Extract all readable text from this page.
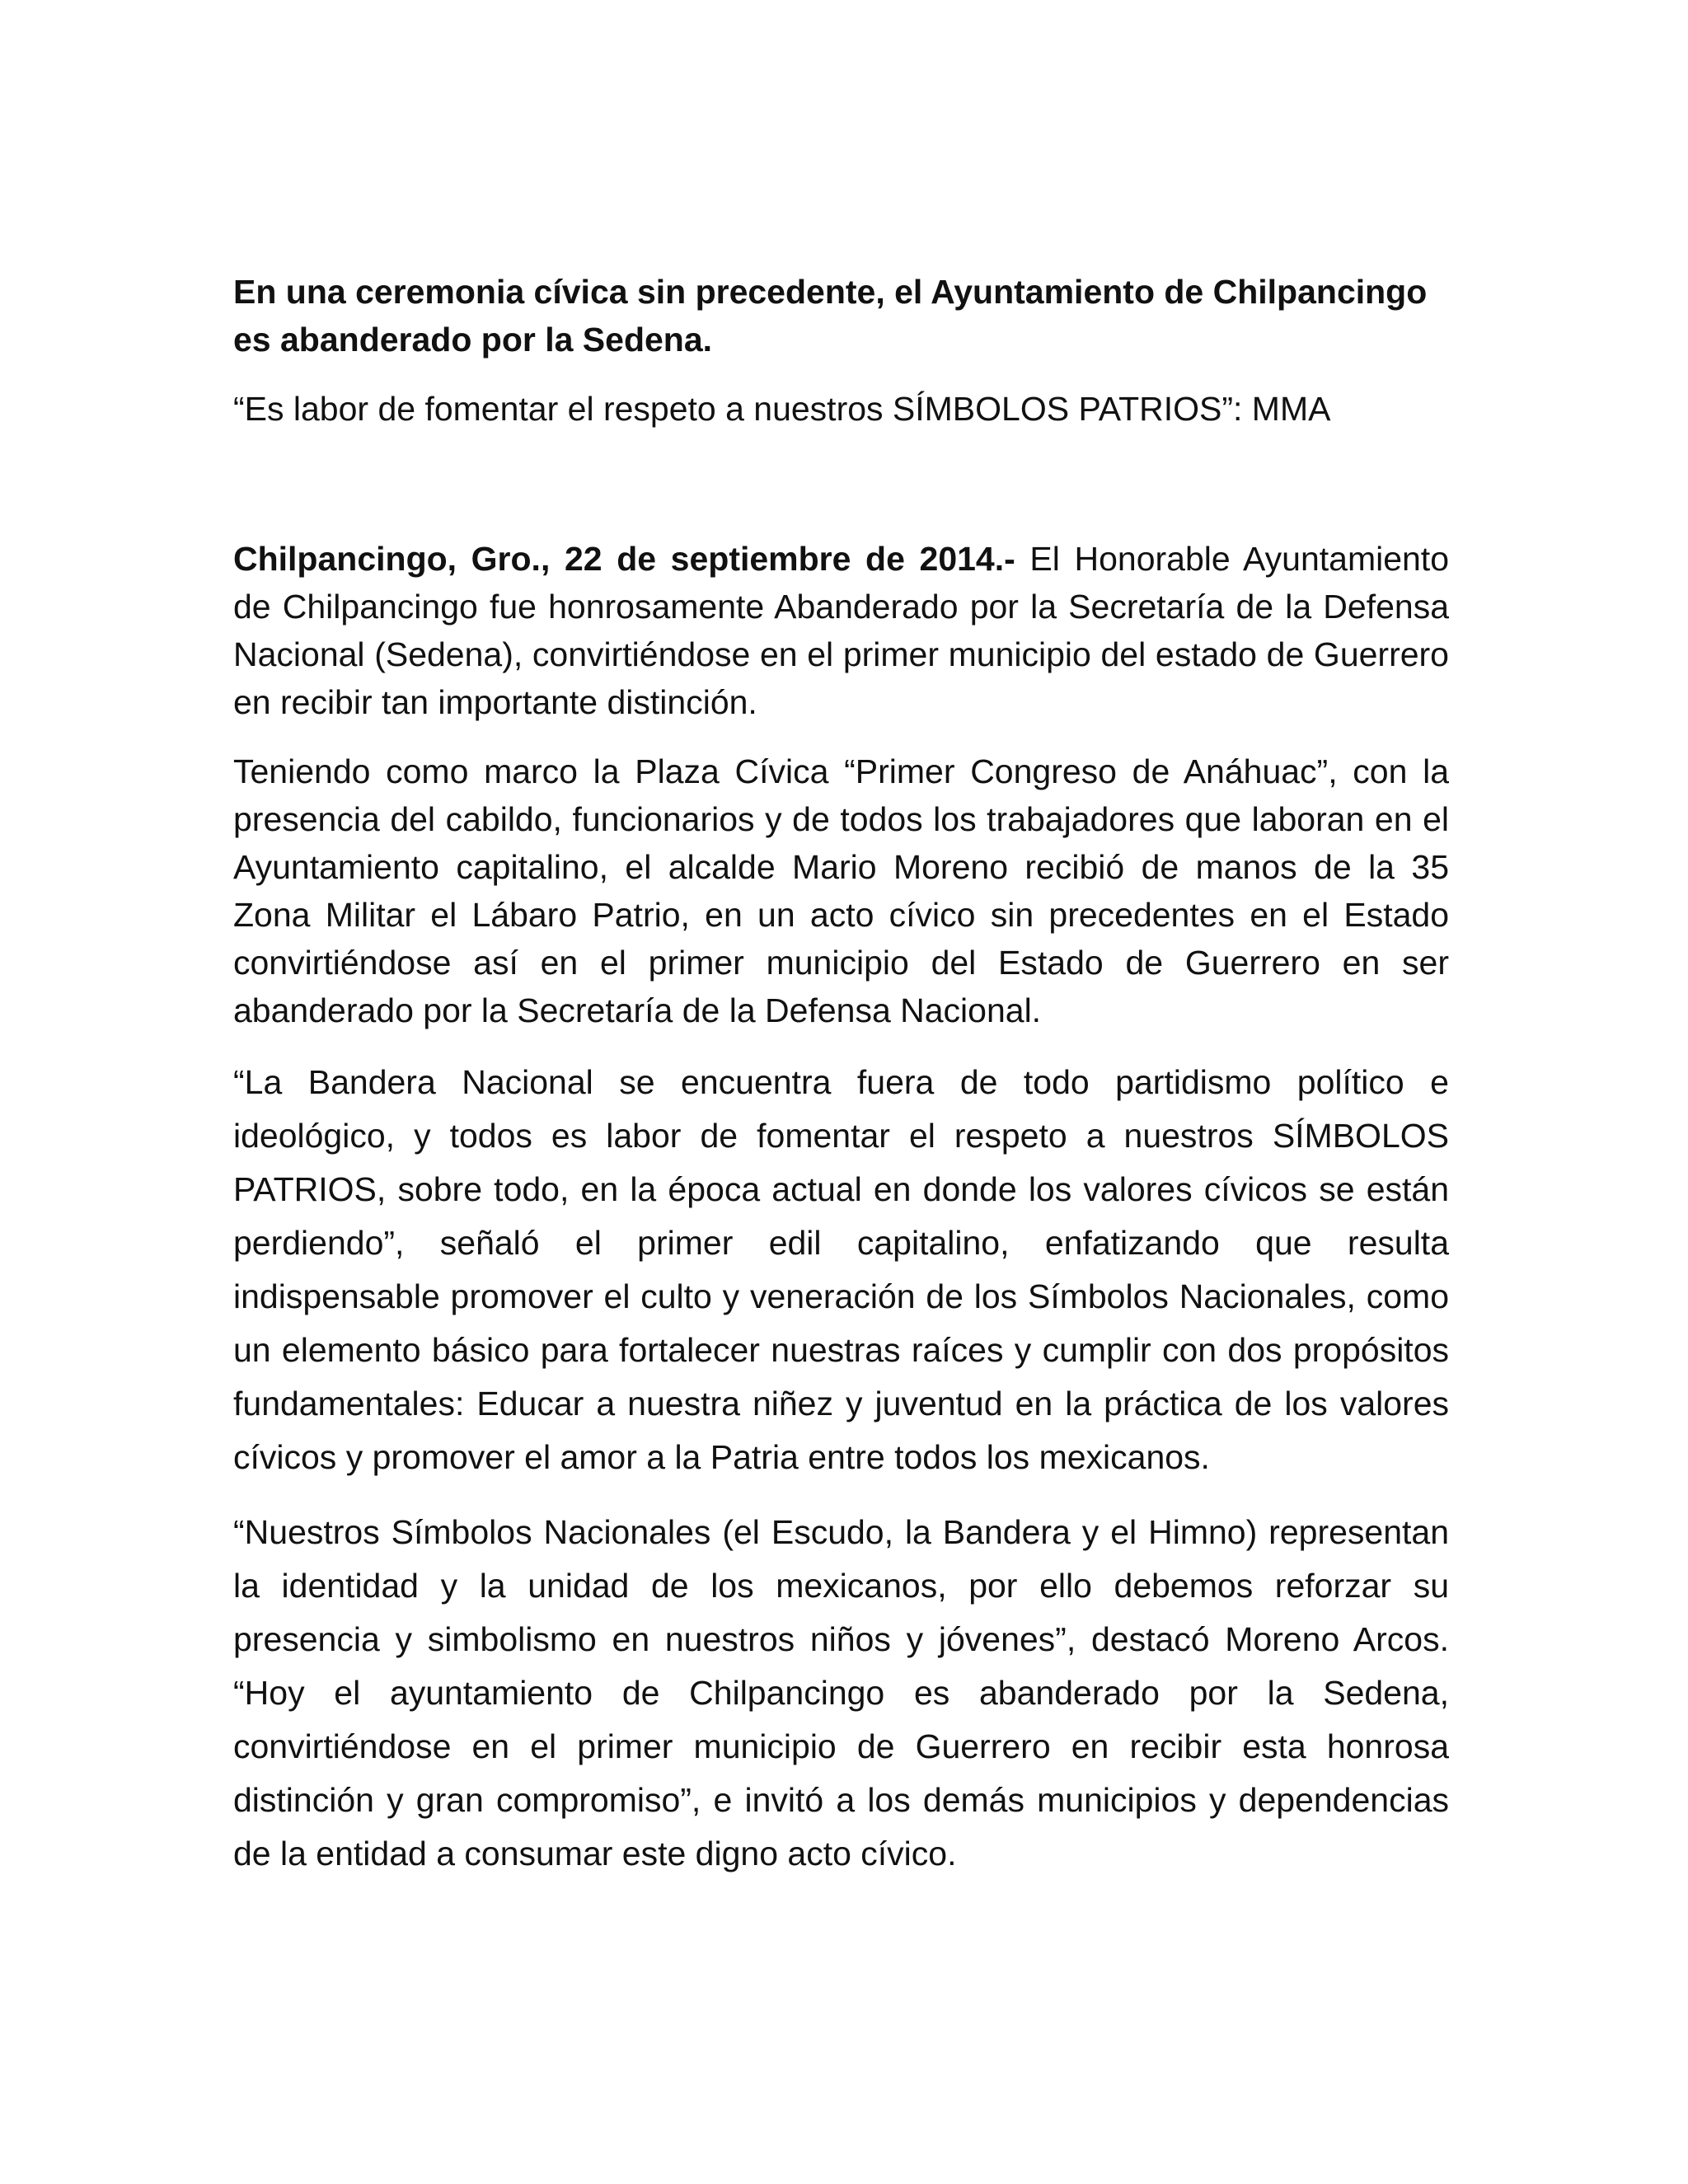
En una ceremonia cívica sin precedente, el Ayuntamiento de Chilpancingo es abanderado por la Sedena.

“Es labor de fomentar el respeto a nuestros SÍMBOLOS PATRIOS”: MMA

Chilpancingo, Gro., 22 de septiembre de 2014.- El Honorable Ayuntamiento de Chilpancingo fue honrosamente Abanderado por la Secretaría de la Defensa Nacional (Sedena), convirtiéndose en el primer municipio del estado de Guerrero en recibir tan importante distinción.

Teniendo como marco la Plaza Cívica “Primer Congreso de Anáhuac”, con la presencia del cabildo, funcionarios y de todos los trabajadores que laboran en el Ayuntamiento capitalino, el alcalde Mario Moreno recibió de manos de la 35 Zona Militar el Lábaro Patrio, en un acto cívico sin precedentes en el Estado convirtiéndose así en el primer municipio del Estado de Guerrero en ser abanderado por la Secretaría de la Defensa Nacional.

“La Bandera Nacional se encuentra fuera de todo partidismo político e ideológico, y todos es labor de fomentar el respeto a nuestros SÍMBOLOS PATRIOS, sobre todo, en la época actual en donde los valores cívicos se están perdiendo”, señaló el primer edil capitalino, enfatizando que resulta indispensable promover el culto y veneración de los Símbolos Nacionales, como un elemento básico para fortalecer nuestras raíces y cumplir con dos propósitos fundamentales: Educar a nuestra niñez y juventud en la práctica de los valores cívicos y promover el amor a la Patria entre todos los mexicanos.

“Nuestros Símbolos Nacionales (el Escudo, la Bandera y el Himno) representan la identidad y la unidad de los mexicanos, por ello debemos reforzar su presencia y simbolismo en nuestros niños y jóvenes”, destacó Moreno Arcos. “Hoy el ayuntamiento de Chilpancingo es abanderado por la Sedena, convirtiéndose en el primer municipio de Guerrero en recibir esta honrosa distinción y gran compromiso”, e invitó a los demás municipios y dependencias de la entidad a consumar este digno acto cívico.
